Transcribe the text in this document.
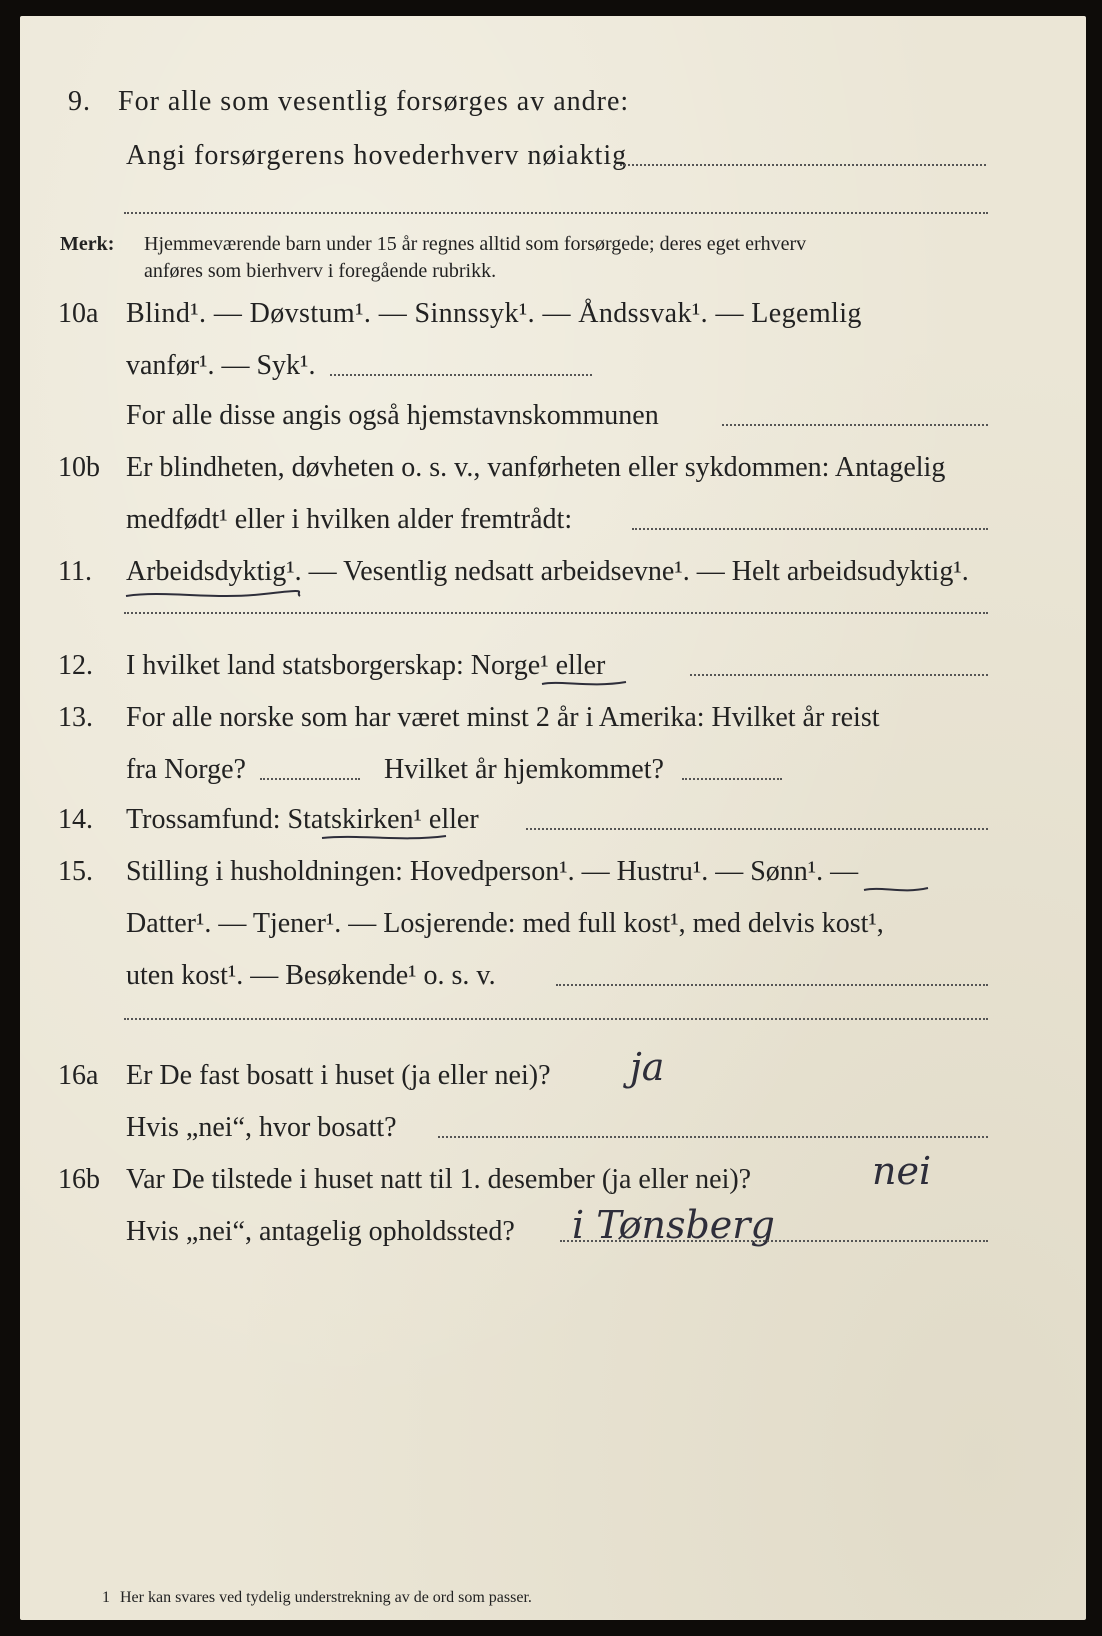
9. For alle som vesentlig forsørges av andre:
Angi forsørgerens hovederhverv nøiaktig
Merk: Hjemmeværende barn under 15 år regnes alltid som forsørgede; deres eget erhverv
anføres som bierhverv i foregående rubrikk.
10a Blind¹. — Døvstum¹. — Sinnssyk¹. — Åndssvak¹. — Legemlig
vanfør¹. — Syk¹.
For alle disse angis også hjemstavnskommunen
10b Er blindheten, døvheten o. s. v., vanførheten eller sykdommen: Antagelig
medfødt¹ eller i hvilken alder fremtrådt:
11. Arbeidsdyktig¹. — Vesentlig nedsatt arbeidsevne¹. — Helt arbeidsudyktig¹.
12. I hvilket land statsborgerskap: Norge¹ eller
13. For alle norske som har været minst 2 år i Amerika: Hvilket år reist
fra Norge?	Hvilket år hjemkommet?
14. Trossamfund: Statskirken¹ eller
15. Stilling i husholdningen: Hovedperson¹. — Hustru¹. — Sønn¹. —
Datter¹. — Tjener¹. — Losjerende: med full kost¹, med delvis kost¹,
uten kost¹. — Besøkende¹ o. s. v.
16a Er De fast bosatt i huset (ja eller nei)? ja
Hvis „nei“, hvor bosatt?
16b Var De tilstede i huset natt til 1. desember (ja eller nei)?	nei
Hvis „nei“, antagelig opholdssted? i Tønsberg
1 Her kan svares ved tydelig understrekning av de ord som passer.
